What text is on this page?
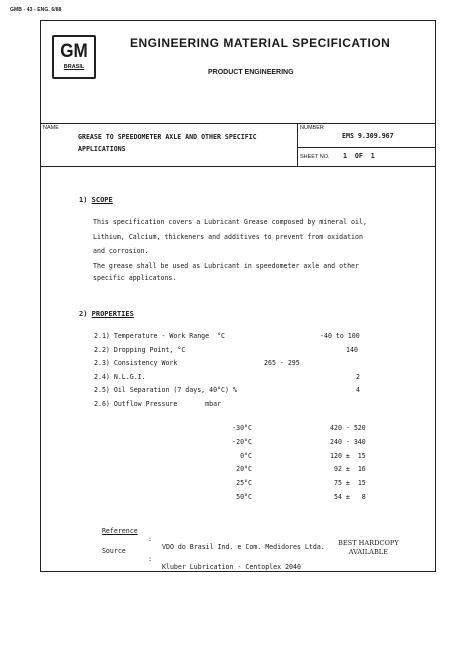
GMB - 43 - ENG. 6/88
GM
BRASIL
ENGINEERING MATERIAL SPECIFICATION
PRODUCT ENGINEERING
NAME
GREASE TO SPEEDOMETER AXLE AND OTHER SPECIFIC
APPLICATIONS
NUMBER
EMS 9.309.967
SHEET NO. 1  OF  1
1) SCOPE
This specification covers a Lubricant Grease composed by mineral oil,
Lithium, Calcium, thickeners and additives to prevent from oxidation
and corrosion.
The grease shall be used as Lubricant in speedometer axle and other
specific applicatons.
2) PROPERTIES
2.1) Temperature - Work Range  °C	-40 to 100
2.2) Dropping Point, °C	140
2.3) Consistency Work	265 - 295
2.4) N.L.G.I.	2
2.5) Oil Separation (7 days, 40°C) %	4
2.6) Outflow Pressure       mbar
-30°C	420 - 520
-20°C	240 - 340
0°C	120 ±  15
20°C	92 ±  16
25°C	75 ±  15
50°C	54 ±   8

Reference

:

VDO do Brasil Ind. e Com. Medidores Ltda.

Source

:

Kluber Lubrication - Centoplex 2040

BEST HARDCOPY
AVAILABLE
